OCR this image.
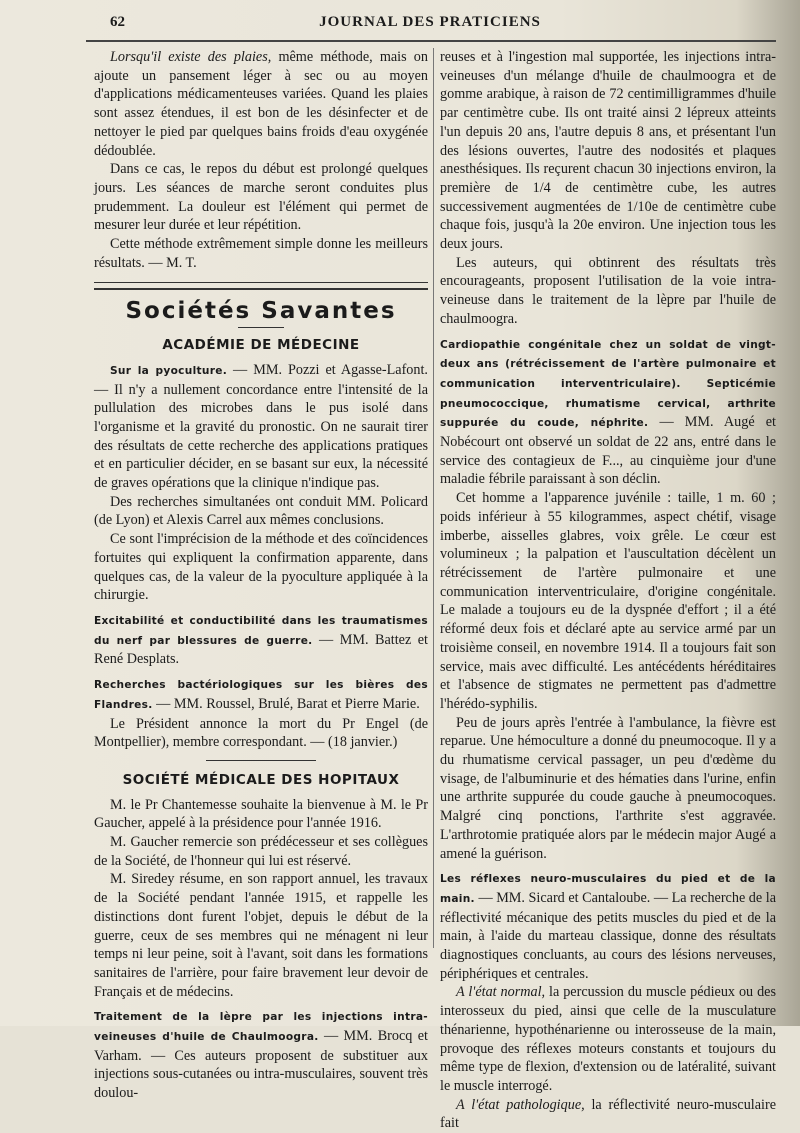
62	JOURNAL DES PRATICIENS

Lorsqu'il existe des plaies, même méthode, mais on ajoute un pansement léger à sec ou au moyen d'applications médicamenteuses variées. Quand les plaies sont assez étendues, il est bon de les désinfecter et de nettoyer le pied par quelques bains froids d'eau oxygénée dédoublée.

Dans ce cas, le repos du début est prolongé quelques jours. Les séances de marche seront conduites plus prudemment. La douleur est l'élément qui permet de mesurer leur durée et leur répétition.

Cette méthode extrêmement simple donne les meilleurs résultats. — M. T.

Sociétés Savantes
ACADÉMIE DE MÉDECINE

Sur la pyoculture. — MM. Pozzi et Agasse-Lafont. — Il n'y a nullement concordance entre l'intensité de la pullulation des microbes dans le pus isolé dans l'organisme et la gravité du pronostic. On ne saurait tirer des résultats de cette recherche des applications pratiques et en particulier décider, en se basant sur eux, la nécessité de graves opérations que la clinique n'indique pas.

Des recherches simultanées ont conduit MM. Policard (de Lyon) et Alexis Carrel aux mêmes conclusions.

Ce sont l'imprécision de la méthode et des coïncidences fortuites qui expliquent la confirmation apparente, dans quelques cas, de la valeur de la pyoculture appliquée à la chirurgie.

Excitabilité et conductibilité dans les traumatismes du nerf par blessures de guerre. — MM. Battez et René Desplats.

Recherches bactériologiques sur les bières des Flandres. — MM. Roussel, Brulé, Barat et Pierre Marie.

Le Président annonce la mort du Pr Engel (de Montpellier), membre correspondant. — (18 janvier.)

SOCIÉTÉ MÉDICALE DES HOPITAUX

M. le Pr Chantemesse souhaite la bienvenue à M. le Pr Gaucher, appelé à la présidence pour l'année 1916.

M. Gaucher remercie son prédécesseur et ses collègues de la Société, de l'honneur qui lui est réservé.

M. Siredey résume, en son rapport annuel, les travaux de la Société pendant l'année 1915, et rappelle les distinctions dont furent l'objet, depuis le début de la guerre, ceux de ses membres qui ne ménagent ni leur temps ni leur peine, soit à l'avant, soit dans les formations sanitaires de l'arrière, pour faire bravement leur devoir de Français et de médecins.

Traitement de la lèpre par les injections intra-veineuses d'huile de Chaulmoogra. — MM. Brocq et Varham. — Ces auteurs proposent de substituer aux injections sous-cutanées ou intra-musculaires, souvent très doulou-

reuses et à l'ingestion mal supportée, les injections intra-veineuses d'un mélange d'huile de chaulmoogra et de gomme arabique, à raison de 72 centimilligrammes d'huile par centimètre cube. Ils ont traité ainsi 2 lépreux atteints l'un depuis 20 ans, l'autre depuis 8 ans, et présentant l'un des lésions ouvertes, l'autre des nodosités et plaques anesthésiques. Ils reçurent chacun 30 injections environ, la première de 1/4 de centimètre cube, les autres successivement augmentées de 1/10e de centimètre cube chaque fois, jusqu'à la 20e environ. Une injection tous les deux jours.

Les auteurs, qui obtinrent des résultats très encourageants, proposent l'utilisation de la voie intra-veineuse dans le traitement de la lèpre par l'huile de chaulmoogra.

Cardiopathie congénitale chez un soldat de vingt-deux ans (rétrécissement de l'artère pulmonaire et communication interventriculaire). Septicémie pneumococcique, rhumatisme cervical, arthrite suppurée du coude, néphrite. — MM. Augé et Nobécourt ont observé un soldat de 22 ans, entré dans le service des contagieux de F..., au cinquième jour d'une maladie fébrile paraissant à son déclin.

Cet homme a l'apparence juvénile : taille, 1 m. 60 ; poids inférieur à 55 kilogrammes, aspect chétif, visage imberbe, aisselles glabres, voix grêle. Le cœur est volumineux ; la palpation et l'auscultation décèlent un rétrécissement de l'artère pulmonaire et une communication interventriculaire, d'origine congénitale. Le malade a toujours eu de la dyspnée d'effort ; il a été réformé deux fois et déclaré apte au service armé par un troisième conseil, en novembre 1914. Il a toujours fait son service, mais avec difficulté. Les antécédents héréditaires et l'absence de stigmates ne permettent pas d'admettre l'hérédo-syphilis.

Peu de jours après l'entrée à l'ambulance, la fièvre est reparue. Une hémoculture a donné du pneumocoque. Il y a du rhumatisme cervical passager, un peu d'œdème du visage, de l'albuminurie et des hématies dans l'urine, enfin une arthrite suppurée du coude gauche à pneumocoques. Malgré cinq ponctions, l'arthrite s'est aggravée. L'arthrotomie pratiquée alors par le médecin major Augé a amené la guérison.

Les réflexes neuro-musculaires du pied et de la main. — MM. Sicard et Cantaloube. — La recherche de la réflectivité mécanique des petits muscles du pied et de la main, à l'aide du marteau classique, donne des résultats diagnostiques concluants, au cours des lésions nerveuses, périphériques et centrales.

A l'état normal, la percussion du muscle pédieux ou des interosseux du pied, ainsi que celle de la musculature thénarienne, hypothénarienne ou interosseuse de la main, provoque des réflexes moteurs constants et toujours du même type de flexion, d'extension ou de latéralité, suivant le muscle interrogé.

A l'état pathologique, la réflectivité neuro-musculaire fait
